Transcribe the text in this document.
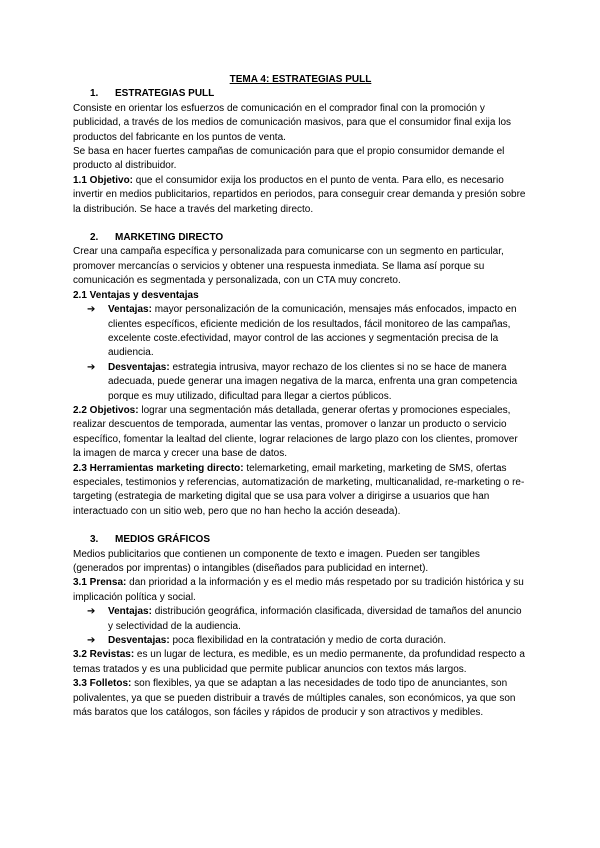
TEMA 4: ESTRATEGIAS PULL

1. ESTRATEGIAS PULL

Consiste en orientar los esfuerzos de comunicación en el comprador final con la promoción y publicidad, a través de los medios de comunicación masivos, para que el consumidor final exija los productos del fabricante en los puntos de venta.

Se basa en hacer fuertes campañas de comunicación para que el propio consumidor demande el producto al distribuidor.

1.1 Objetivo: que el consumidor exija los productos en el punto de venta. Para ello, es necesario invertir en medios publicitarios, repartidos en periodos, para conseguir crear demanda y presión sobre la distribución. Se hace a través del marketing directo.

2. MARKETING DIRECTO

Crear una campaña específica y personalizada para comunicarse con un segmento en particular, promover mercancías o servicios y obtener una respuesta inmediata. Se llama así porque su comunicación es segmentada y personalizada, con un CTA muy concreto.

2.1 Ventajas y desventajas

➔ Ventajas: mayor personalización de la comunicación, mensajes más enfocados, impacto en clientes específicos, eficiente medición de los resultados, fácil monitoreo de las campañas, excelente coste.efectividad, mayor control de las acciones y segmentación precisa de la audiencia.

➔ Desventajas: estrategia intrusiva, mayor rechazo de los clientes si no se hace de manera adecuada, puede generar una imagen negativa de la marca, enfrenta una gran competencia porque es muy utilizado, dificultad para llegar a ciertos públicos.

2.2 Objetivos: lograr una segmentación más detallada, generar ofertas y promociones especiales, realizar descuentos de temporada, aumentar las ventas, promover o lanzar un producto o servicio específico, fomentar la lealtad del cliente, lograr relaciones de largo plazo con los clientes, promover la imagen de marca y crecer una base de datos.

2.3 Herramientas marketing directo: telemarketing, email marketing, marketing de SMS, ofertas especiales, testimonios y referencias, automatización de marketing, multicanalidad, re-marketing o re-targeting (estrategia de marketing digital que se usa para volver a dirigirse a usuarios que han interactuado con un sitio web, pero que no han hecho la acción deseada).

3. MEDIOS GRÁFICOS

Medios publicitarios que contienen un componente de texto e imagen. Pueden ser tangibles (generados por imprentas) o intangibles (diseñados para publicidad en internet).

3.1 Prensa: dan prioridad a la información y es el medio más respetado por su tradición histórica y su implicación política y social.

➔ Ventajas: distribución geográfica, información clasificada, diversidad de tamaños del anuncio y selectividad de la audiencia.

➔ Desventajas: poca flexibilidad en la contratación y medio de corta duración.

3.2 Revistas: es un lugar de lectura, es medible, es un medio permanente, da profundidad respecto a temas tratados y es una publicidad que permite publicar anuncios con textos más largos.

3.3 Folletos: son flexibles, ya que se adaptan a las necesidades de todo tipo de anunciantes, son polivalentes, ya que se pueden distribuir a través de múltiples canales, son económicos, ya que son más baratos que los catálogos, son fáciles y rápidos de producir y son atractivos y medibles.
